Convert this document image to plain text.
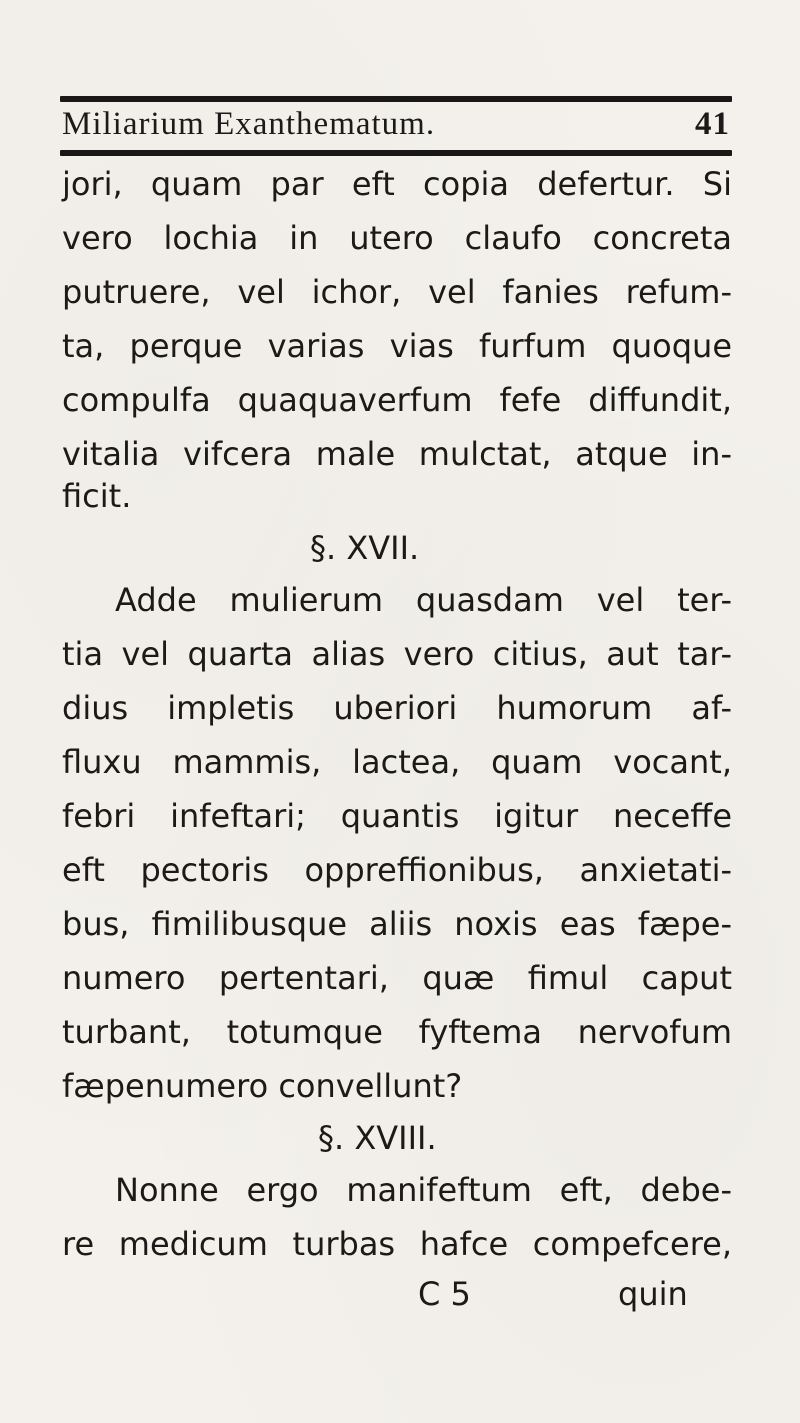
Miliarium Exanthematum.	41
jori, quam par eft copia defertur. Si
vero lochia in utero claufo concreta
putruere, vel ichor, vel fanies refum-
ta, perque varias vias furfum quoque
compulfa quaquaverfum fefe diffundit,
vitalia vifcera male mulctat, atque in-
ficit.
§. XVII.
Adde mulierum quasdam vel ter-
tia vel quarta alias vero citius, aut tar-
dius impletis uberiori humorum af-
fluxu mammis, lactea, quam vocant,
febri infeftari; quantis igitur neceffe
eft pectoris oppreffionibus, anxietati-
bus, fimilibusque aliis noxis eas fæpe-
numero pertentari, quæ fimul caput
turbant, totumque fyftema nervofum
fæpenumero convellunt?
§. XVIII.
Nonne ergo manifeftum eft, debe-
re medicum turbas hafce compefcere,
C 5	quin
